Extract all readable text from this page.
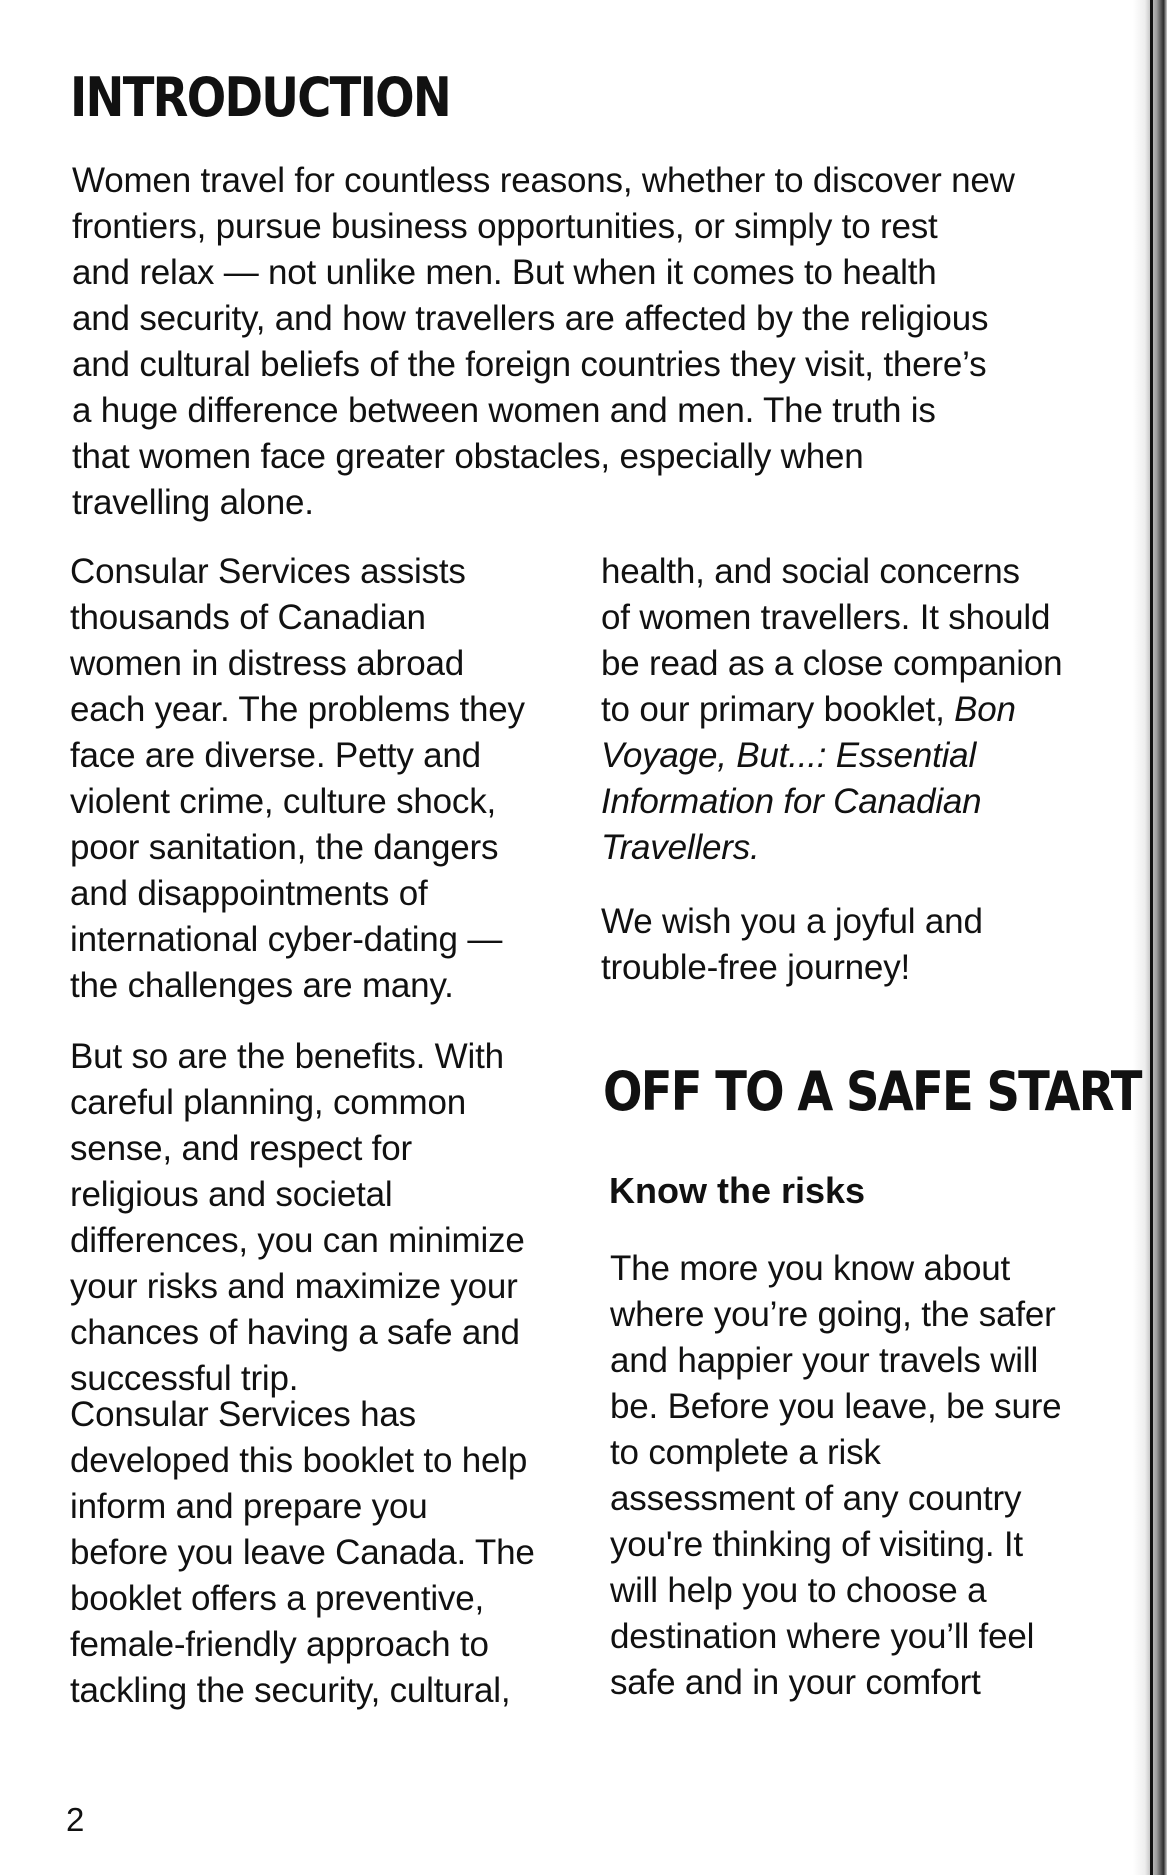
INTRODUCTION

Women travel for countless reasons, whether to discover new
frontiers, pursue business opportunities, or simply to rest
and relax — not unlike men. But when it comes to health
and security, and how travellers are affected by the religious
and cultural beliefs of the foreign countries they visit, there’s
a huge difference between women and men. The truth is
that women face greater obstacles, especially when
travelling alone.

Consular Services assists
thousands of Canadian
women in distress abroad
each year. The problems they
face are diverse. Petty and
violent crime, culture shock,
poor sanitation, the dangers
and disappointments of
international cyber-dating —
the challenges are many.

But so are the benefits. With
careful planning, common
sense, and respect for
religious and societal
differences, you can minimize
your risks and maximize your
chances of having a safe and
successful trip.

Consular Services has
developed this booklet to help
inform and prepare you
before you leave Canada. The
booklet offers a preventive,
female-friendly approach to
tackling the security, cultural,

health, and social concerns
of women travellers. It should
be read as a close companion
to our primary booklet, Bon
Voyage, But...: Essential
Information for Canadian
Travellers.

We wish you a joyful and
trouble-free journey!

OFF TO A SAFE START
Know the risks

The more you know about
where you’re going, the safer
and happier your travels will
be. Before you leave, be sure
to complete a risk
assessment of any country
you're thinking of visiting. It
will help you to choose a
destination where you’ll feel
safe and in your comfort

2
